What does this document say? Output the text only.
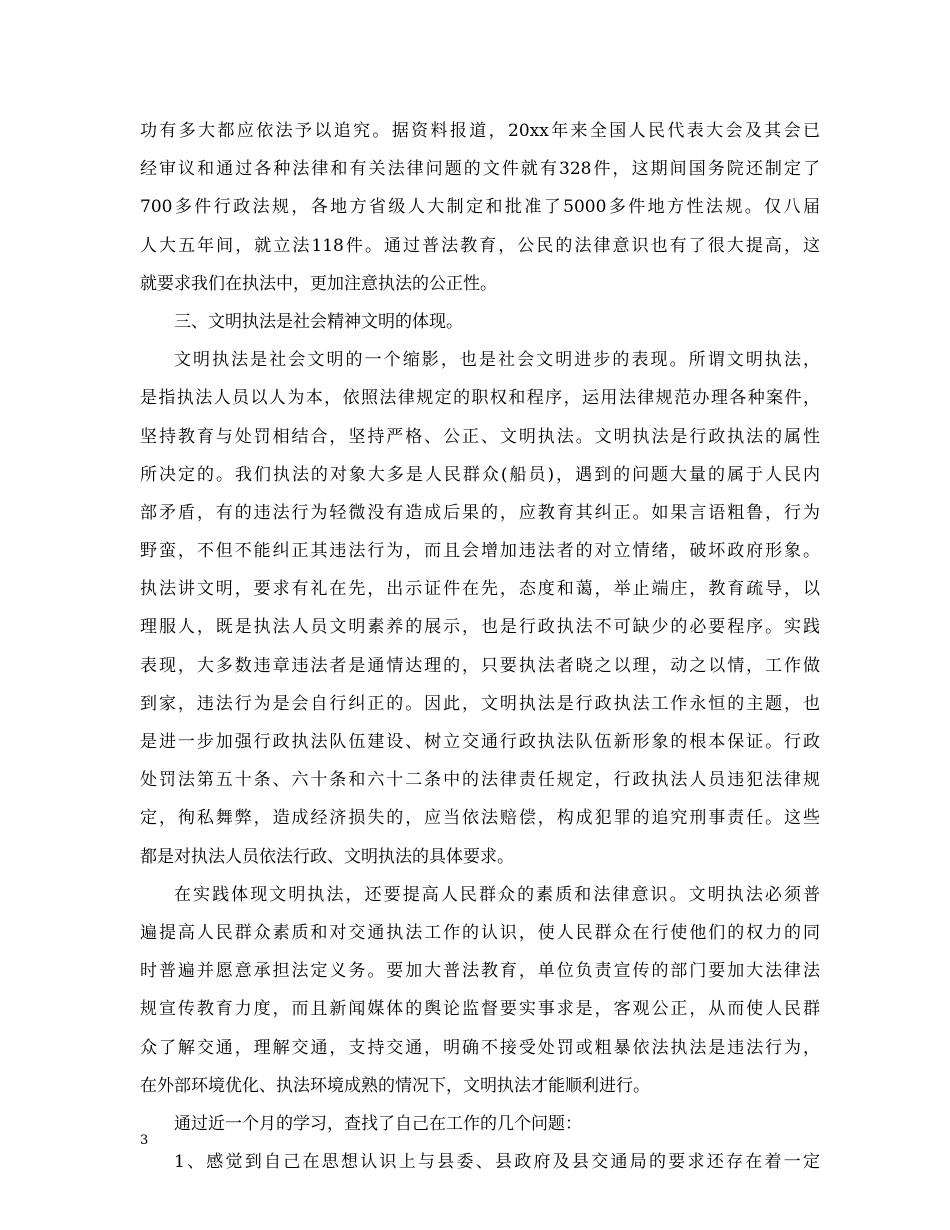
功有多大都应依法予以追究。据资料报道，20xx年来全国人民代表大会及其会已
经审议和通过各种法律和有关法律问题的文件就有328件，这期间国务院还制定了
700多件行政法规，各地方省级人大制定和批准了5000多件地方性法规。仅八届
人大五年间，就立法118件。通过普法教育，公民的法律意识也有了很大提高，这
就要求我们在执法中，更加注意执法的公正性。
三、文明执法是社会精神文明的体现。
文明执法是社会文明的一个缩影，也是社会文明进步的表现。所谓文明执法，
是指执法人员以人为本，依照法律规定的职权和程序，运用法律规范办理各种案件，
坚持教育与处罚相结合，坚持严格、公正、文明执法。文明执法是行政执法的属性
所决定的。我们执法的对象大多是人民群众(船员)，遇到的问题大量的属于人民内
部矛盾，有的违法行为轻微没有造成后果的，应教育其纠正。如果言语粗鲁，行为
野蛮，不但不能纠正其违法行为，而且会增加违法者的对立情绪，破坏政府形象。
执法讲文明，要求有礼在先，出示证件在先，态度和蔼，举止端庄，教育疏导，以
理服人，既是执法人员文明素养的展示，也是行政执法不可缺少的必要程序。实践
表现，大多数违章违法者是通情达理的，只要执法者晓之以理，动之以情，工作做
到家，违法行为是会自行纠正的。因此，文明执法是行政执法工作永恒的主题，也
是进一步加强行政执法队伍建设、树立交通行政执法队伍新形象的根本保证。行政
处罚法第五十条、六十条和六十二条中的法律责任规定，行政执法人员违犯法律规
定，徇私舞弊，造成经济损失的，应当依法赔偿，构成犯罪的追究刑事责任。这些
都是对执法人员依法行政、文明执法的具体要求。
在实践体现文明执法，还要提高人民群众的素质和法律意识。文明执法必须普
遍提高人民群众素质和对交通执法工作的认识，使人民群众在行使他们的权力的同
时普遍并愿意承担法定义务。要加大普法教育，单位负责宣传的部门要加大法律法
规宣传教育力度，而且新闻媒体的舆论监督要实事求是，客观公正，从而使人民群
众了解交通，理解交通，支持交通，明确不接受处罚或粗暴依法执法是违法行为，
在外部环境优化、执法环境成熟的情况下，文明执法才能顺利进行。
通过近一个月的学习，查找了自己在工作的几个问题：
1、感觉到自己在思想认识上与县委、县政府及县交通局的要求还存在着一定
3
